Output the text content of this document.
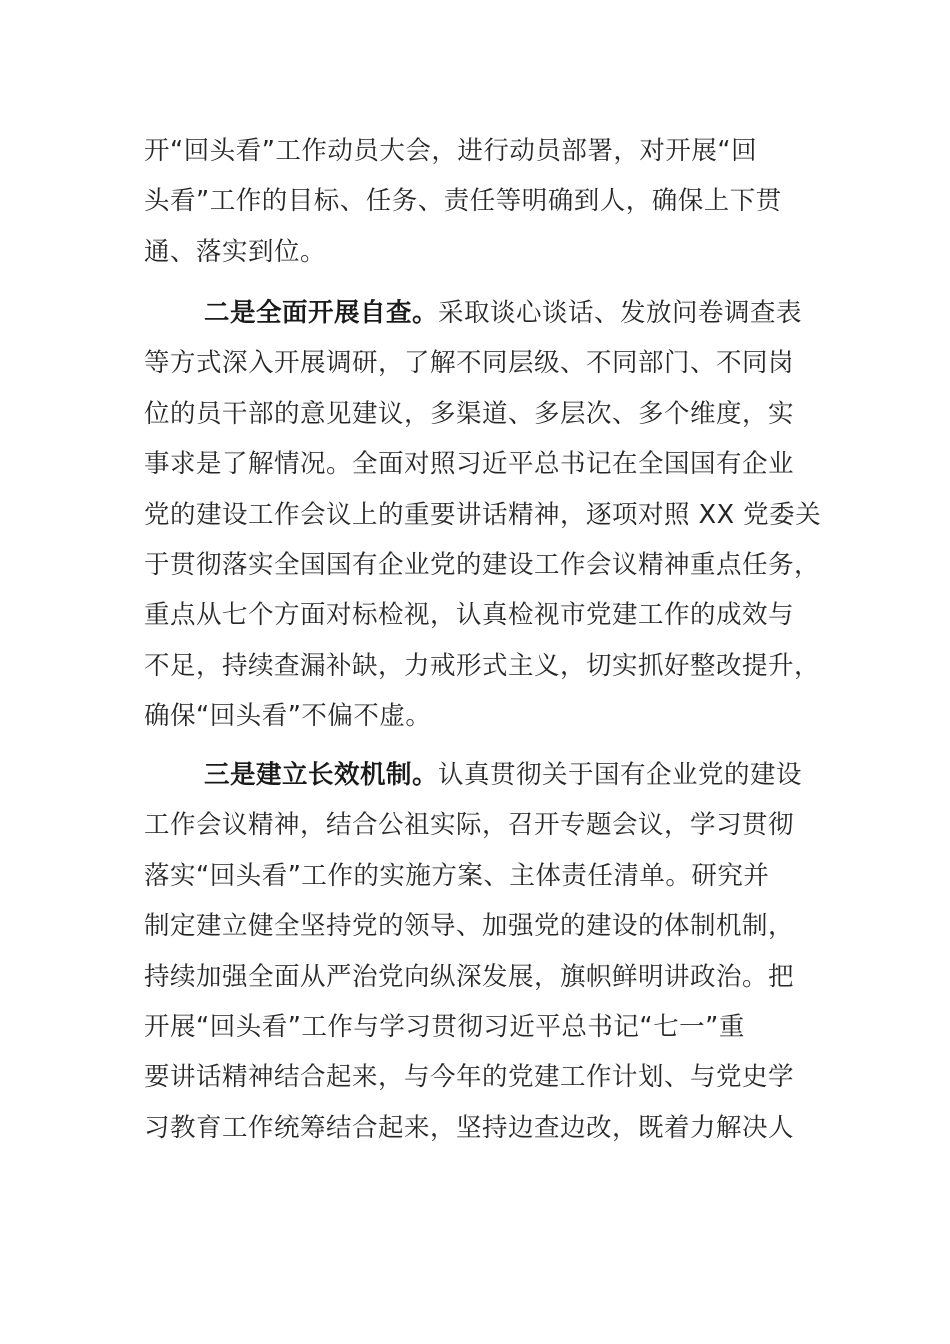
开“回头看”工作动员大会，进行动员部署，对开展“回
头看”工作的目标、任务、责任等明确到人，确保上下贯
通、落实到位。
二是全面开展自查。采取谈心谈话、发放问卷调查表
等方式深入开展调研，了解不同层级、不同部门、不同岗
位的员干部的意见建议，多渠道、多层次、多个维度，实
事求是了解情况。全面对照习近平总书记在全国国有企业
党的建设工作会议上的重要讲话精神，逐项对照 XX 党委关
于贯彻落实全国国有企业党的建设工作会议精神重点任务，
重点从七个方面对标检视，认真检视市党建工作的成效与
不足，持续查漏补缺，力戒形式主义，切实抓好整改提升，
确保“回头看”不偏不虚。
三是建立长效机制。认真贯彻关于国有企业党的建设
工作会议精神，结合公祖实际，召开专题会议，学习贯彻
落实“回头看”工作的实施方案、主体责任清单。研究并
制定建立健全坚持党的领导、加强党的建设的体制机制，
持续加强全面从严治党向纵深发展，旗帜鲜明讲政治。把
开展“回头看”工作与学习贯彻习近平总书记“七一”重
要讲话精神结合起来，与今年的党建工作计划、与党史学
习教育工作统筹结合起来，坚持边查边改，既着力解决人
